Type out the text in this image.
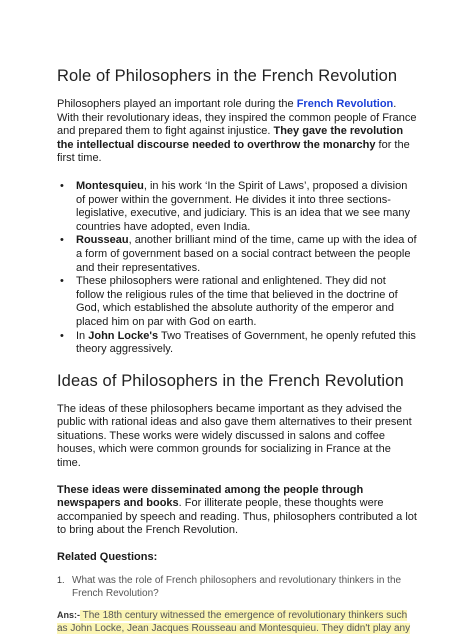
Role of Philosophers in the French Revolution

Philosophers played an important role during the French Revolution. With their revolutionary ideas, they inspired the common people of France and prepared them to fight against injustice. They gave the revolution the intellectual discourse needed to overthrow the monarchy for the first time.

• Montesquieu, in his work ‘In the Spirit of Laws’, proposed a division of power within the government. He divides it into three sections- legislative, executive, and judiciary. This is an idea that we see many countries have adopted, even India.
• Rousseau, another brilliant mind of the time, came up with the idea of a form of government based on a social contract between the people and their representatives.
• These philosophers were rational and enlightened. They did not follow the religious rules of the time that believed in the doctrine of God, which established the absolute authority of the emperor and placed him on par with God on earth.
• In John Locke's Two Treatises of Government, he openly refuted this theory aggressively.
Ideas of Philosophers in the French Revolution

The ideas of these philosophers became important as they advised the public with rational ideas and also gave them alternatives to their present situations. These works were widely discussed in salons and coffee houses, which were common grounds for socializing in France at the time.

These ideas were disseminated among the people through newspapers and books. For illiterate people, these thoughts were accompanied by speech and reading. Thus, philosophers contributed a lot to bring about the French Revolution.

Related Questions:

1. What was the role of French philosophers and revolutionary thinkers in the French Revolution?
Ans:- The 18th century witnessed the emergence of revolutionary thinkers such as John Locke, Jean Jacques Rousseau and Montesquieu. They didn't play any
